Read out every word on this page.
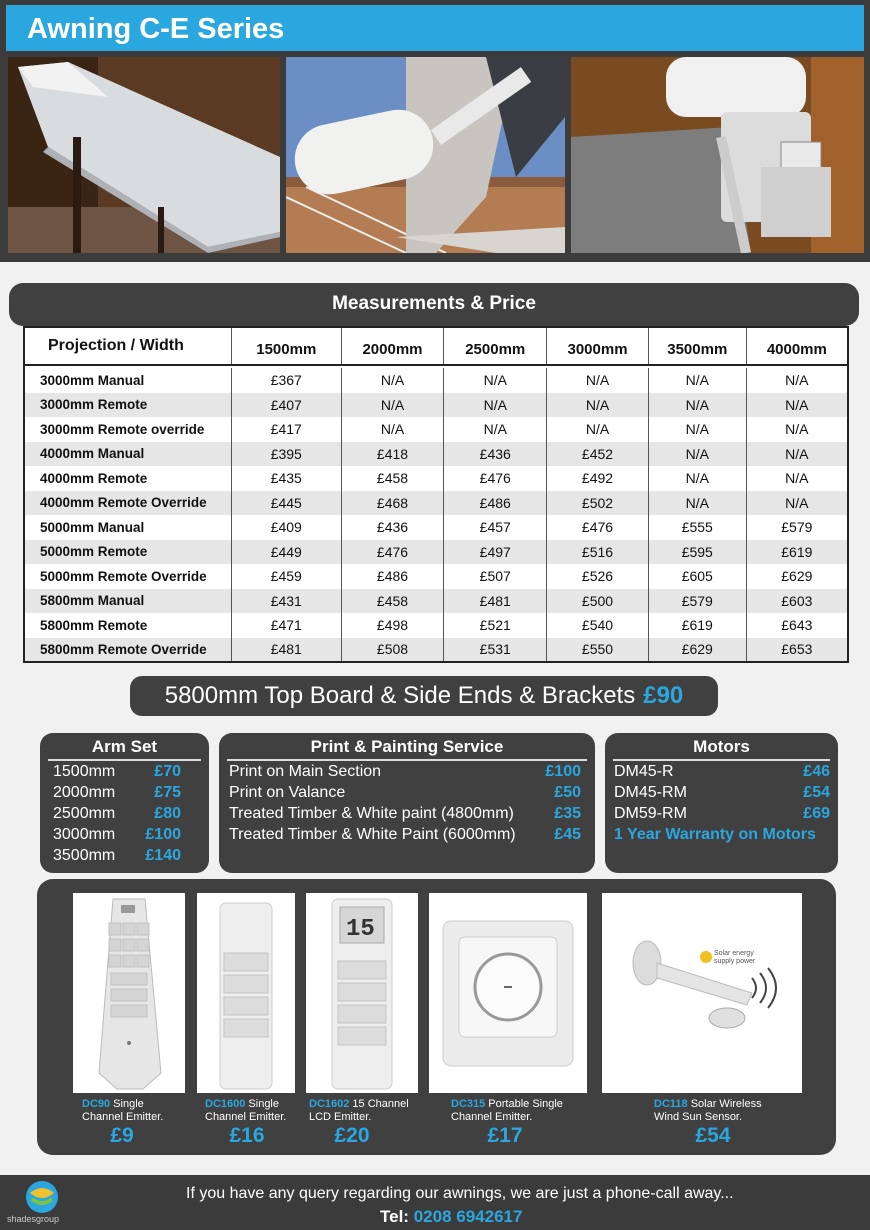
Awning C-E Series
Measurements & Price
Projection / Width	1500mm	2000mm	2500mm	3000mm	3500mm	4000mm

3000mm Manual	£367	N/A	N/A	N/A	N/A	N/A
3000mm Remote	£407	N/A	N/A	N/A	N/A	N/A
3000mm Remote override	£417	N/A	N/A	N/A	N/A	N/A
4000mm Manual	£395	£418	£436	£452	N/A	N/A
4000mm Remote	£435	£458	£476	£492	N/A	N/A
4000mm Remote Override	£445	£468	£486	£502	N/A	N/A
5000mm Manual	£409	£436	£457	£476	£555	£579
5000mm Remote	£449	£476	£497	£516	£595	£619
5000mm Remote Override	£459	£486	£507	£526	£605	£629
5800mm Manual	£431	£458	£481	£500	£579	£603
5800mm Remote	£471	£498	£521	£540	£619	£643
5800mm Remote Override	£481	£508	£531	£550	£629	£653
5800mm Top Board & Side Ends & Brackets £90
Arm Set
1500mm £70
2000mm £75
2500mm £80
3000mm £100
3500mm £140
Print & Painting Service
Print on Main Section	£100
Print on Valance	£50
Treated Timber & White paint (4800mm)	£35
Treated Timber & White Paint (6000mm) £45
Motors
DM45-R	£46
DM45-RM	£54
DM59-RM	£69
1 Year Warranty on Motors
15
Solar energy
supply power
DC90 Single
Channel Emitter.
DC1600 Single
Channel Emitter.
DC1602 15 Channel
LCD Emitter.
DC315 Portable Single
Channel Emitter.
DC118 Solar Wireless
Wind Sun Sensor.
£9	£16	£20	£17	£54
shadesgroup
If you have any query regarding our awnings, we are just a phone-call away...
Tel: 0208 6942617
